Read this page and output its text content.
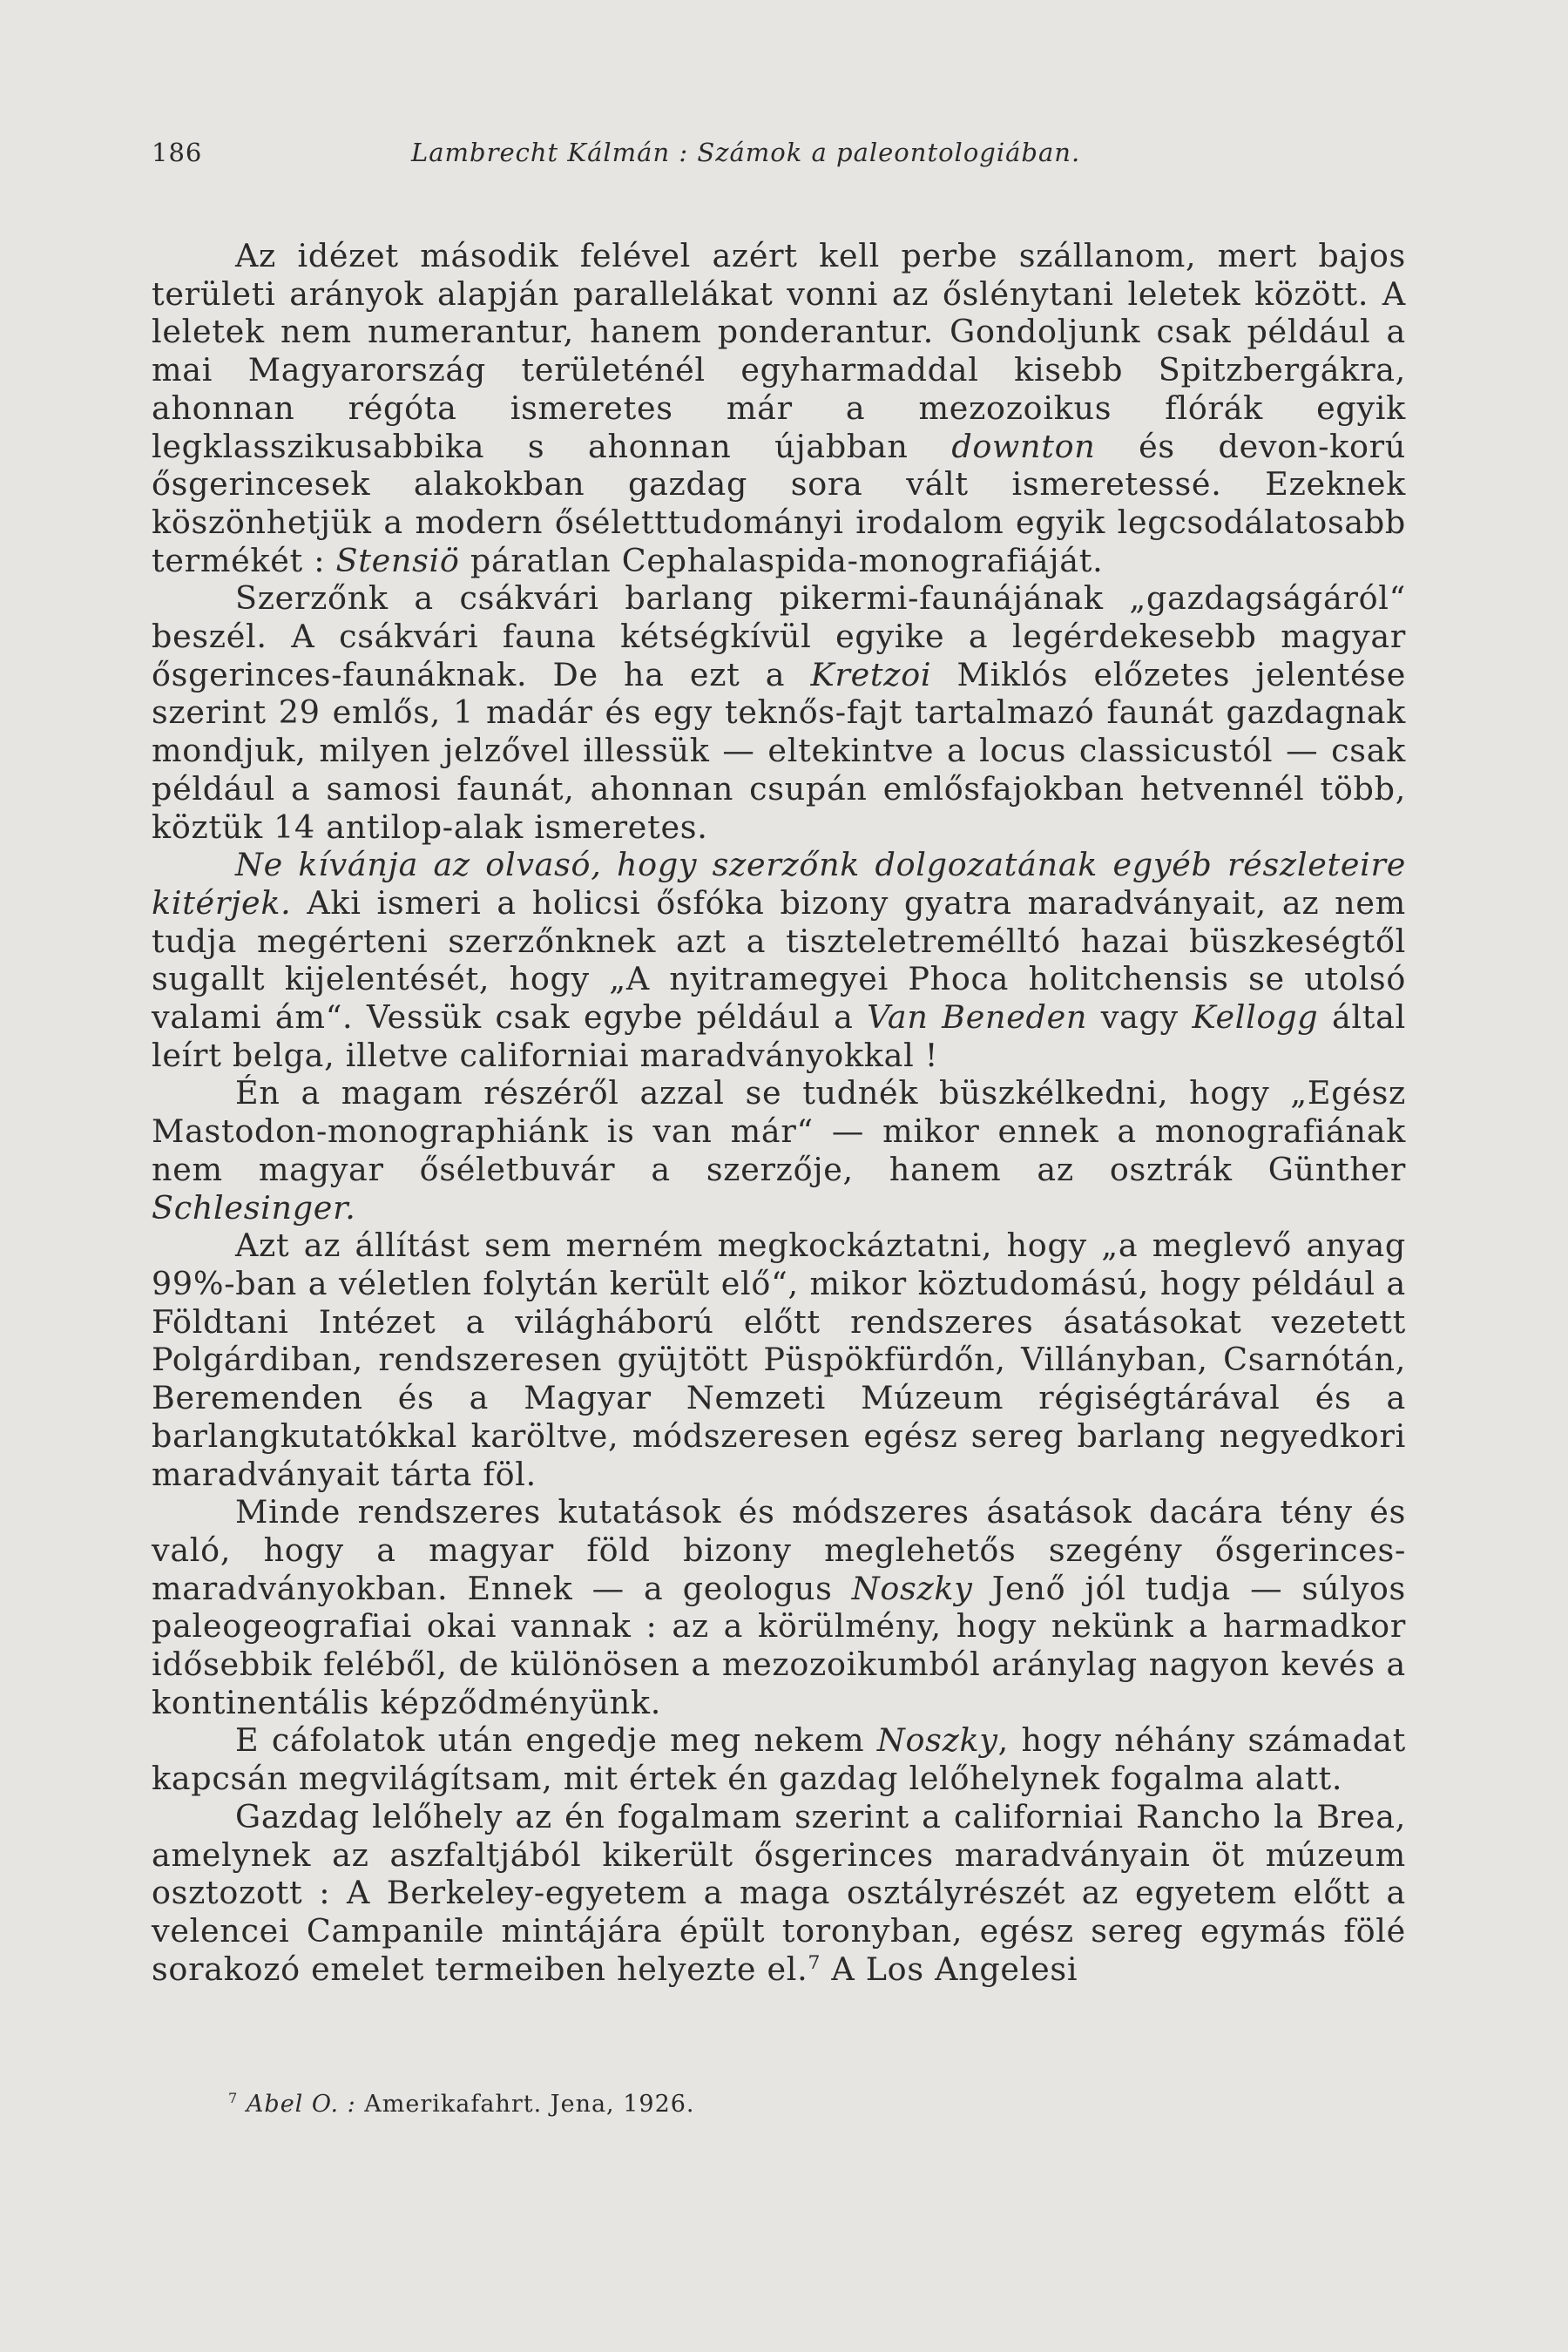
186	Lambrecht Kálmán : Számok a paleontologiában.

Az idézet második felével azért kell perbe szállanom, mert bajos területi arányok alapján parallelákat vonni az őslénytani leletek között. A leletek nem numerantur, hanem ponderantur. Gondoljunk csak például a mai Magyarország területénél egyharmaddal kisebb Spitzbergákra, ahonnan régóta ismeretes már a mezozoikus flórák egyik legklasszikusabbika s ahonnan újabban downton és devon-korú ősgerincesek alakokban gazdag sora vált ismeretessé. Ezeknek köszönhetjük a modern őséletttudományi irodalom egyik legcsodálatosabb termékét : Stensiö páratlan Cephalaspida-monografiáját.

Szerzőnk a csákvári barlang pikermi-faunájának „gazdagságáról“ beszél. A csákvári fauna kétségkívül egyike a legérdekesebb magyar ősgerinces-faunáknak. De ha ezt a Kretzoi Miklós előzetes jelentése szerint 29 emlős, 1 madár és egy teknős-fajt tartalmazó faunát gazdagnak mondjuk, milyen jelzővel illessük — eltekintve a locus classicustól — csak például a samosi faunát, ahonnan csupán emlősfajokban hetvennél több, köztük 14 antilop-alak ismeretes.

Ne kívánja az olvasó, hogy szerzőnk dolgozatának egyéb részleteire kitérjek. Aki ismeri a holicsi ősfóka bizony gyatra maradványait, az nem tudja megérteni szerzőnknek azt a tiszteletremélltó hazai büszkeségtől sugallt kijelentését, hogy „A nyitramegyei Phoca holitchensis se utolsó valami ám“. Vessük csak egybe például a Van Beneden vagy Kellogg által leírt belga, illetve californiai maradványokkal !

Én a magam részéről azzal se tudnék büszkélkedni, hogy „Egész Mastodon-monographiánk is van már“ — mikor ennek a monografiának nem magyar őséletbuvár a szerzője, hanem az osztrák Günther Schlesinger.

Azt az állítást sem merném megkockáztatni, hogy „a meglevő anyag 99%-ban a véletlen folytán került elő“, mikor köztudomású, hogy például a Földtani Intézet a világháború előtt rendszeres ásatásokat vezetett Polgárdiban, rendszeresen gyüjtött Püspökfürdőn, Villányban, Csarnótán, Beremenden és a Magyar Nemzeti Múzeum régiségtárával és a barlangkutatókkal karöltve, módszeresen egész sereg barlang negyedkori maradványait tárta föl.

Minde rendszeres kutatások és módszeres ásatások dacára tény és való, hogy a magyar föld bizony meglehetős szegény ősgerinces-maradványokban. Ennek — a geologus Noszky Jenő jól tudja — súlyos paleogeografiai okai vannak : az a körülmény, hogy nekünk a harmadkor idősebbik feléből, de különösen a mezozoikumból aránylag nagyon kevés a kontinentális képződményünk.

E cáfolatok után engedje meg nekem Noszky, hogy néhány számadat kapcsán megvilágítsam, mit értek én gazdag lelőhelynek fogalma alatt.

Gazdag lelőhely az én fogalmam szerint a californiai Rancho la Brea, amelynek az aszfaltjából kikerült ősgerinces maradványain öt múzeum osztozott : A Berkeley-egyetem a maga osztályrészét az egyetem előtt a velencei Campanile mintájára épült toronyban, egész sereg egymás fölé sorakozó emelet termeiben helyezte el.$^7$ A Los Angelesi

$^7$ Abel O. : Amerikafahrt. Jena, 1926.
